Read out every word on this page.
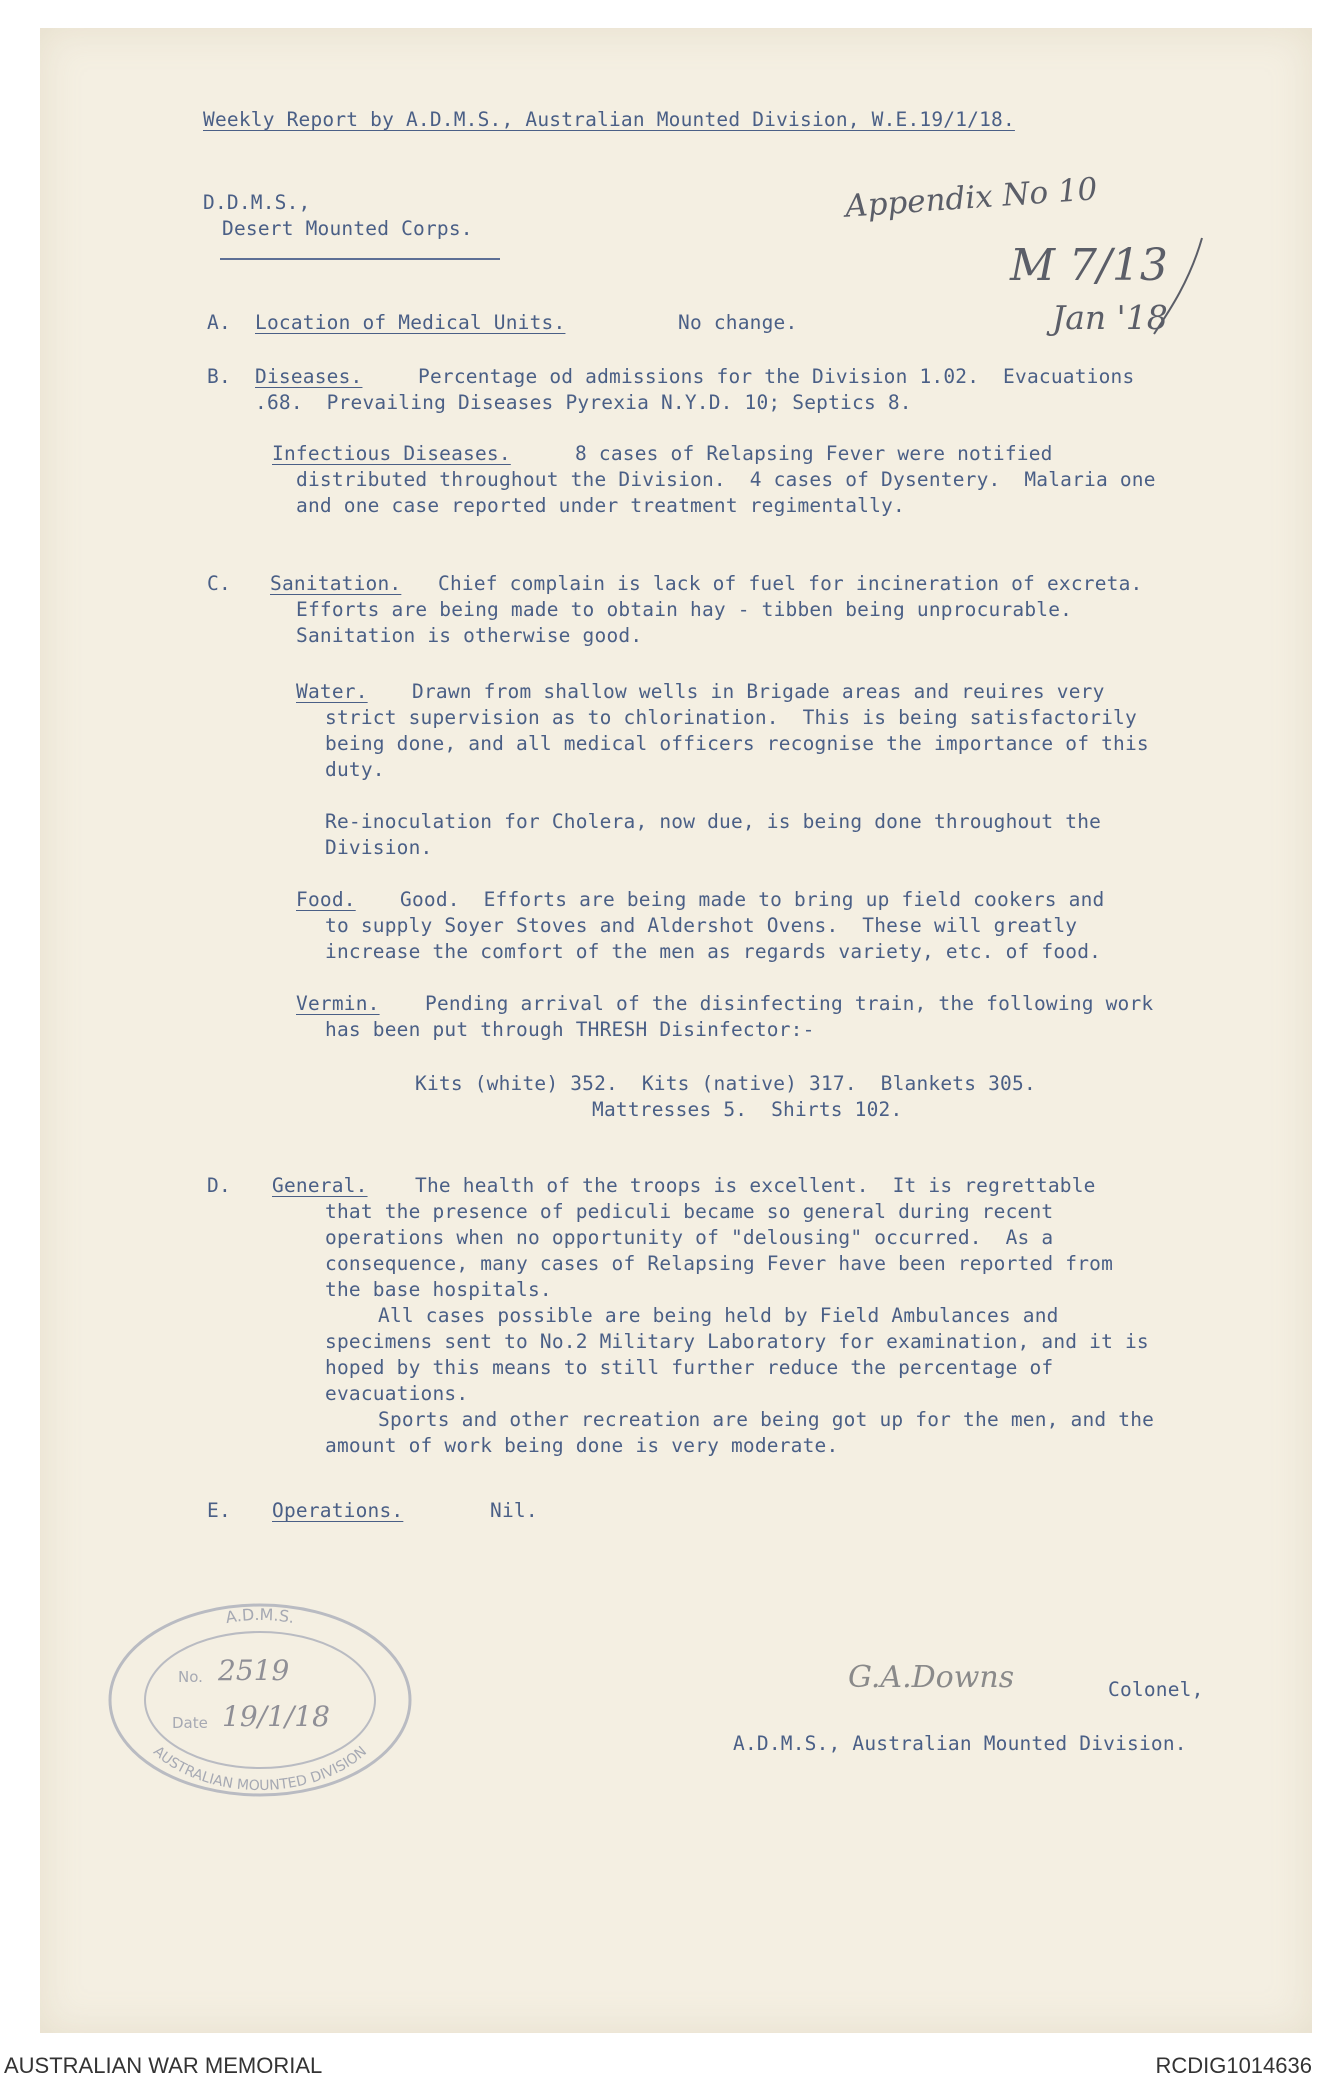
Weekly Report by A.D.M.S., Australian Mounted Division, W.E.19/1/18.
D.D.M.S.,
Desert Mounted Corps.
Appendix No 10
M 7/13
Jan '18
A. Location of Medical Units.	No change.
B. Diseases.	Percentage od admissions for the Division 1.02.  Evacuations
.68.  Prevailing Diseases Pyrexia N.Y.D. 10; Septics 8.
Infectious Diseases.	8 cases of Relapsing Fever were notified
distributed throughout the Division.  4 cases of Dysentery.  Malaria one
and one case reported under treatment regimentally.
C. Sanitation. Chief complain is lack of fuel for incineration of excreta.
Efforts are being made to obtain hay - tibben being unprocurable.
Sanitation is otherwise good.
Water. Drawn from shallow wells in Brigade areas and reuires very
strict supervision as to chlorination.  This is being satisfactorily
being done, and all medical officers recognise the importance of this
duty.
Re-inoculation for Cholera, now due, is being done throughout the
Division.
Food. Good.  Efforts are being made to bring up field cookers and
to supply Soyer Stoves and Aldershot Ovens.  These will greatly
increase the comfort of the men as regards variety, etc. of food.
Vermin. Pending arrival of the disinfecting train, the following work
has been put through THRESH Disinfector:-
Kits (white) 352.  Kits (native) 317.  Blankets 305.
Mattresses 5.  Shirts 102.
D. General. The health of the troops is excellent.  It is regrettable
that the presence of pediculi became so general during recent
operations when no opportunity of "delousing" occurred.  As a
consequence, many cases of Relapsing Fever have been reported from
the base hospitals.
All cases possible are being held by Field Ambulances and
specimens sent to No.2 Military Laboratory for examination, and it is
hoped by this means to still further reduce the percentage of
evacuations.
Sports and other recreation are being got up for the men, and the
amount of work being done is very moderate.
E. Operations.	Nil.
G.A.Downs	Colonel,
A.D.M.S., Australian Mounted Division.
A.D.M.S.
AUSTRALIAN MOUNTED DIVISION
No. 2519
Date 19/1/18
AUSTRALIAN WAR MEMORIAL	RCDIG1014636
